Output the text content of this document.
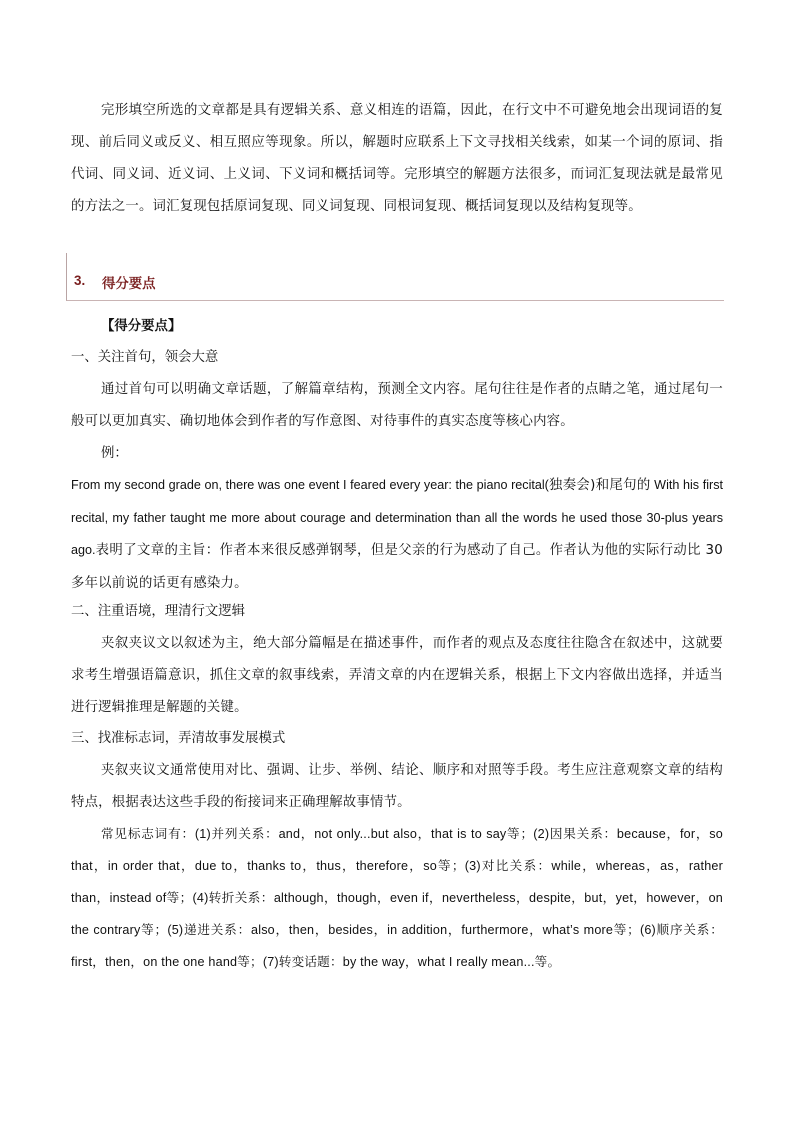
完形填空所选的文章都是具有逻辑关系、意义相连的语篇，因此，在行文中不可避免地会出现词语的复现、前后同义或反义、相互照应等现象。所以，解题时应联系上下文寻找相关线索，如某一个词的原词、指代词、同义词、近义词、上义词、下义词和概括词等。完形填空的解题方法很多，而词汇复现法就是最常见的方法之一。词汇复现包括原词复现、同义词复现、同根词复现、概括词复现以及结构复现等。

3. 得分要点

【得分要点】

一、关注首句，领会大意

通过首句可以明确文章话题，了解篇章结构，预测全文内容。尾句往往是作者的点睛之笔，通过尾句一般可以更加真实、确切地体会到作者的写作意图、对待事件的真实态度等核心内容。

例：

From my second grade on, there was one event I feared every year: the piano recital(独奏会)和尾句的 With his first recital, my father taught me more about courage and determination than all the words he used those 30-plus years ago.表明了文章的主旨：作者本来很反感弹钢琴，但是父亲的行为感动了自己。作者认为他的实际行动比 30 多年以前说的话更有感染力。

二、注重语境，理清行文逻辑

夹叙夹议文以叙述为主，绝大部分篇幅是在描述事件，而作者的观点及态度往往隐含在叙述中，这就要求考生增强语篇意识，抓住文章的叙事线索，弄清文章的内在逻辑关系，根据上下文内容做出选择，并适当进行逻辑推理是解题的关键。

三、找准标志词，弄清故事发展模式

夹叙夹议文通常使用对比、强调、让步、举例、结论、顺序和对照等手段。考生应注意观察文章的结构特点，根据表达这些手段的衔接词来正确理解故事情节。

常见标志词有：(1)并列关系：and，not only...but also，that is to say等；(2)因果关系：because，for，so that，in order that，due to，thanks to，thus，therefore，so等；(3)对比关系：while，whereas，as，rather than，instead of等；(4)转折关系：although，though，even if，nevertheless，despite，but，yet，however，on the contrary等；(5)递进关系：also，then，besides，in addition，furthermore，what’s more等；(6)顺序关系：first，then，on the one hand等；(7)转变话题：by the way，what I really mean...等。
